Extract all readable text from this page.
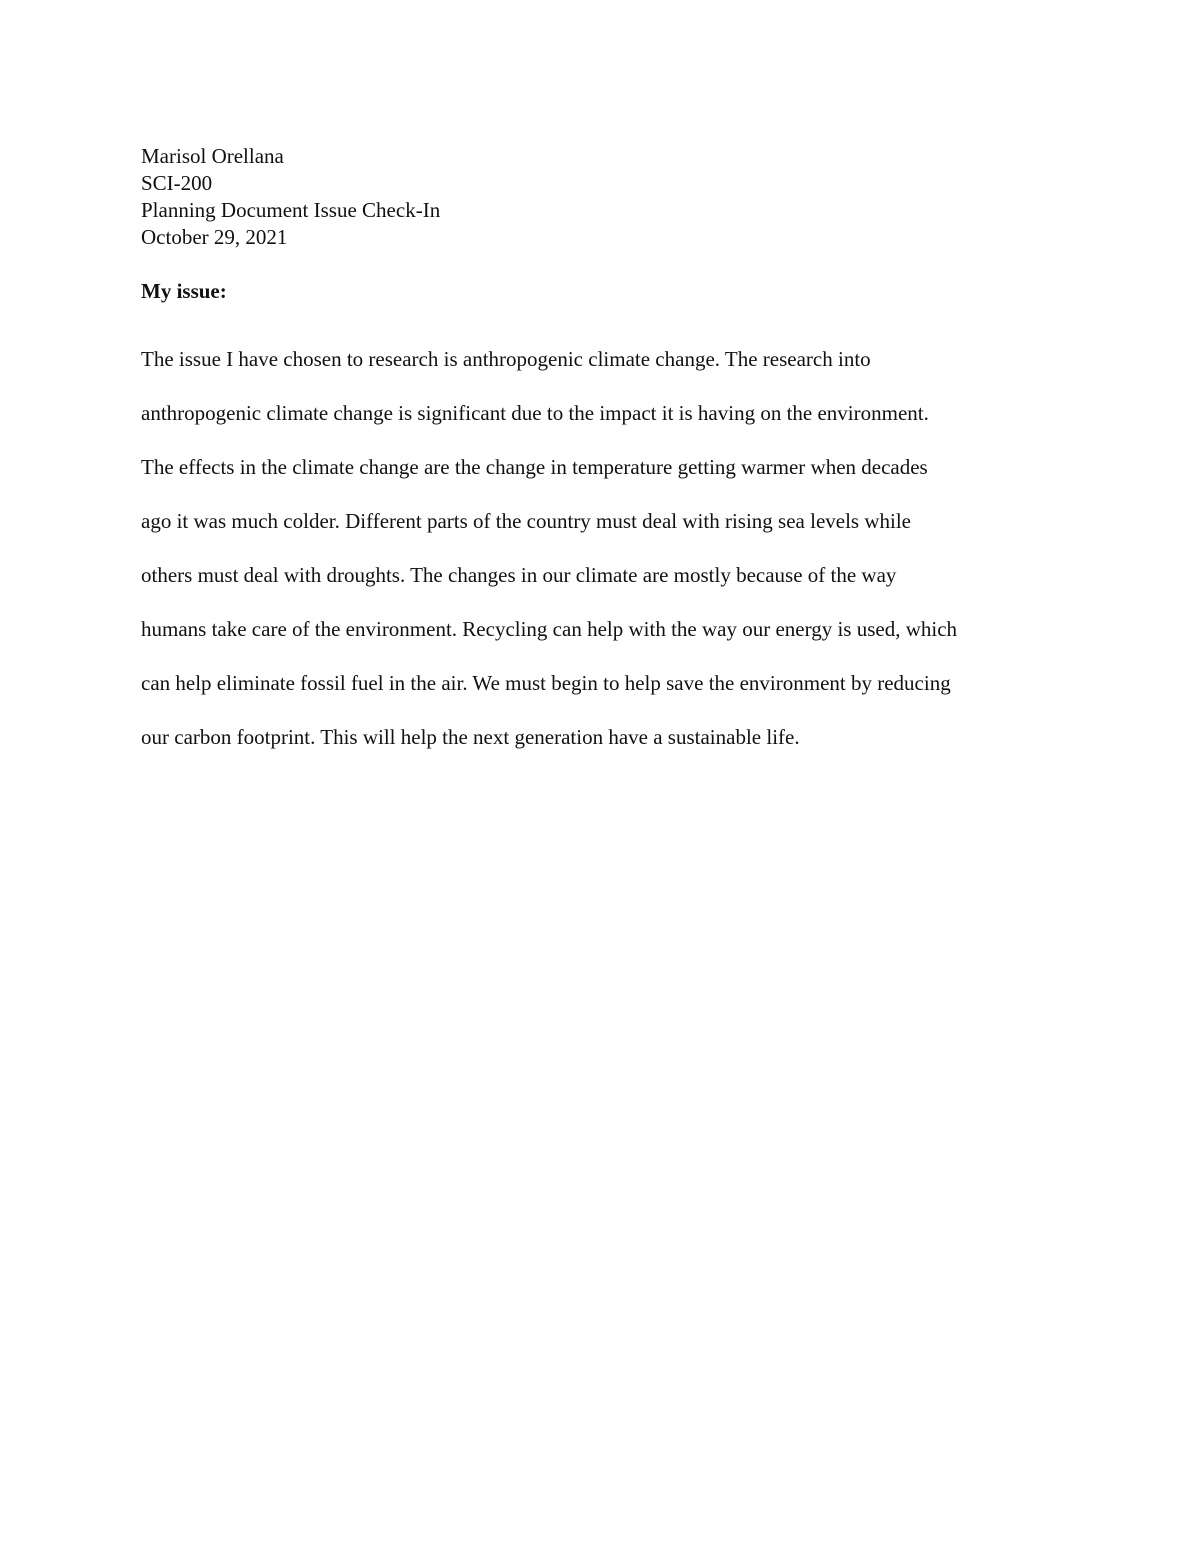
Marisol Orellana
SCI-200
Planning Document Issue Check-In
October 29, 2021
My issue:
The issue I have chosen to research is anthropogenic climate change. The research into
anthropogenic climate change is significant due to the impact it is having on the environment.
The effects in the climate change are the change in temperature getting warmer when decades
ago it was much colder. Different parts of the country must deal with rising sea levels while
others must deal with droughts. The changes in our climate are mostly because of the way
humans take care of the environment. Recycling can help with the way our energy is used, which
can help eliminate fossil fuel in the air. We must begin to help save the environment by reducing
our carbon footprint. This will help the next generation have a sustainable life.
